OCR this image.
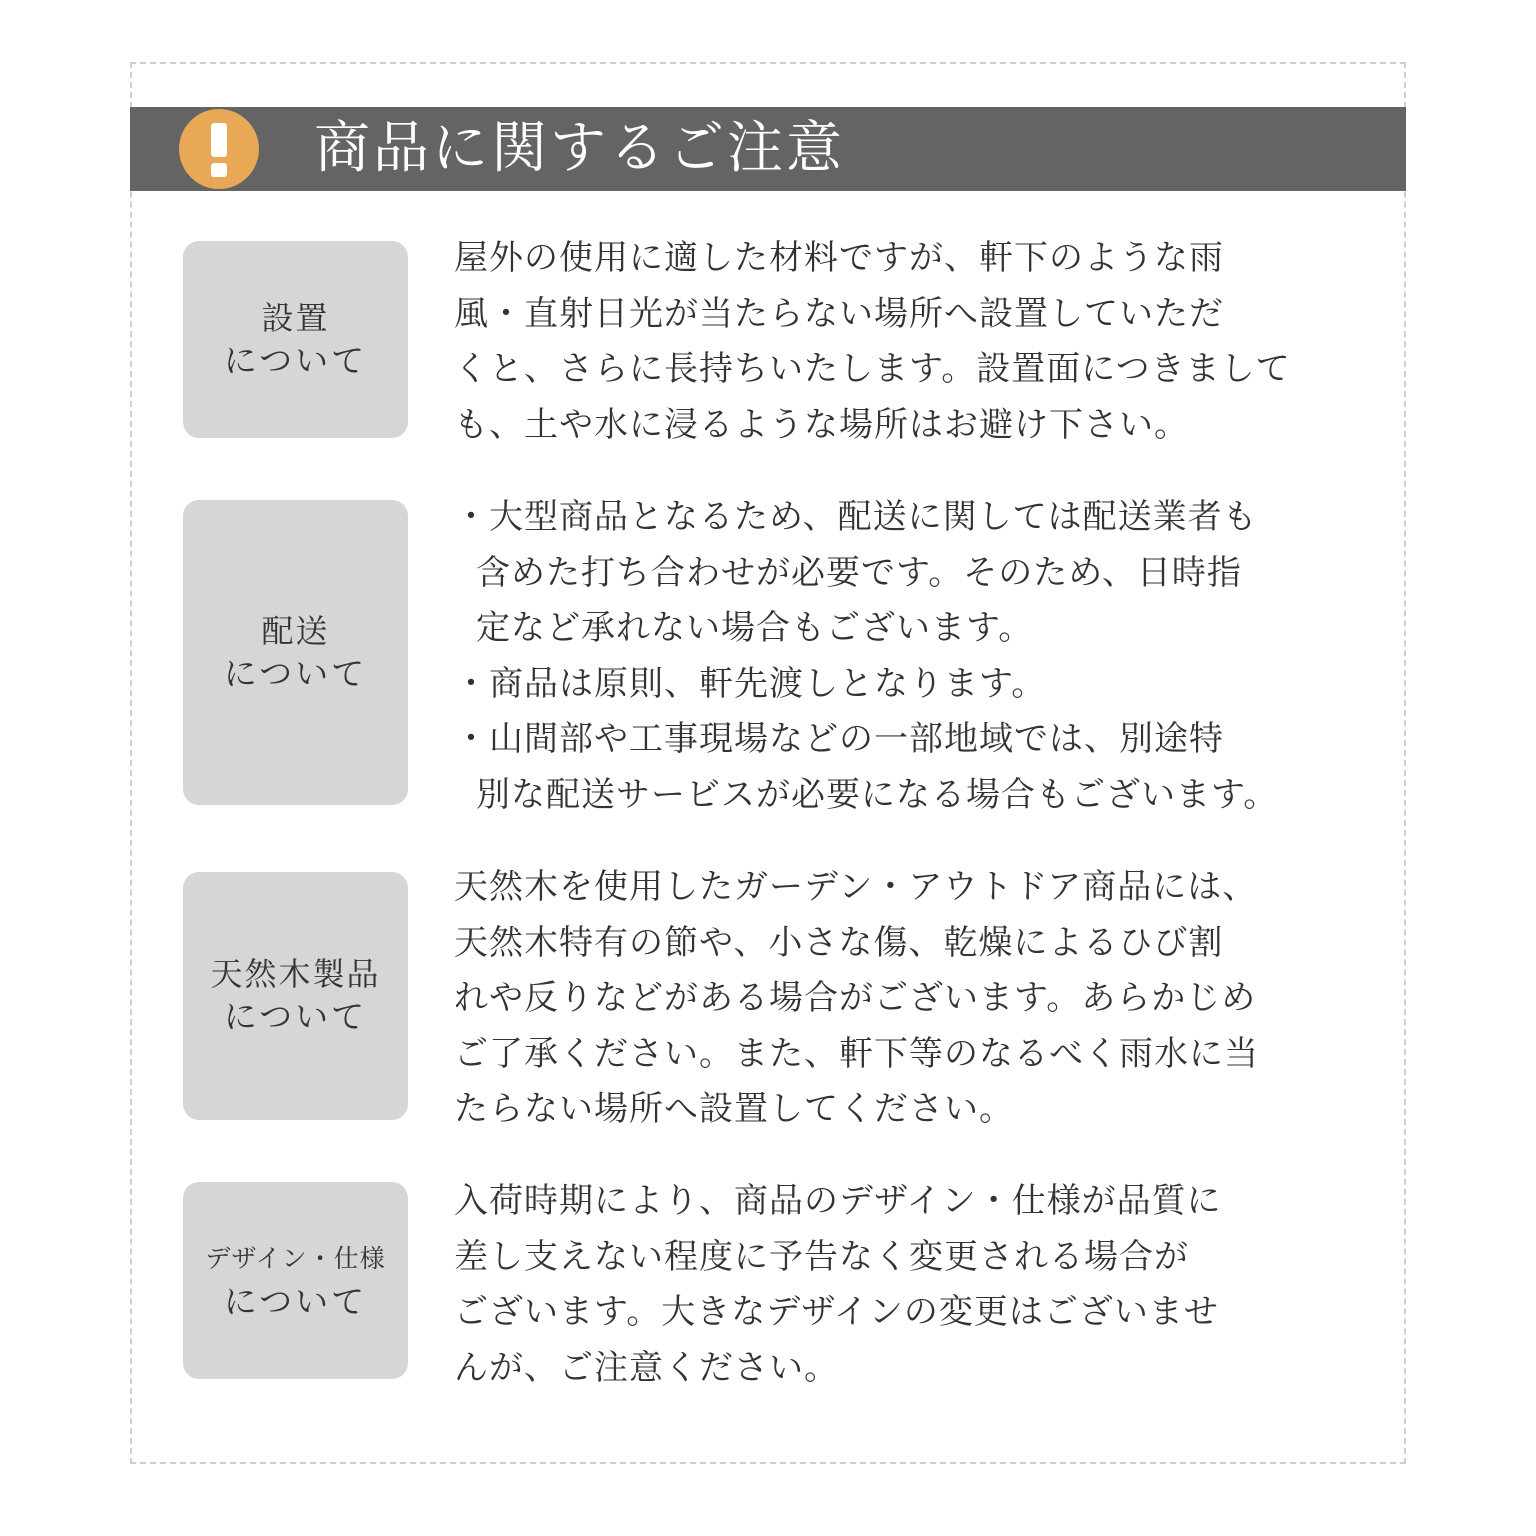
商品に関するご注意
設置
について
屋外の使用に適した材料ですが、軒下のような雨
風・直射日光が当たらない場所へ設置していただ
くと、さらに長持ちいたします。設置面につきまして
も、土や水に浸るような場所はお避け下さい。
配送
について
・大型商品となるため、配送に関しては配送業者も
含めた打ち合わせが必要です。そのため、日時指
定など承れない場合もございます。
・商品は原則、軒先渡しとなります。
・山間部や工事現場などの一部地域では、別途特
別な配送サービスが必要になる場合もございます。
天然木製品
について
天然木を使用したガーデン・アウトドア商品には、
天然木特有の節や、小さな傷、乾燥によるひび割
れや反りなどがある場合がございます。あらかじめ
ご了承ください。また、軒下等のなるべく雨水に当
たらない場所へ設置してください。
デザイン・仕様
について
入荷時期により、商品のデザイン・仕様が品質に
差し支えない程度に予告なく変更される場合が
ございます。大きなデザインの変更はございませ
んが、ご注意ください。
